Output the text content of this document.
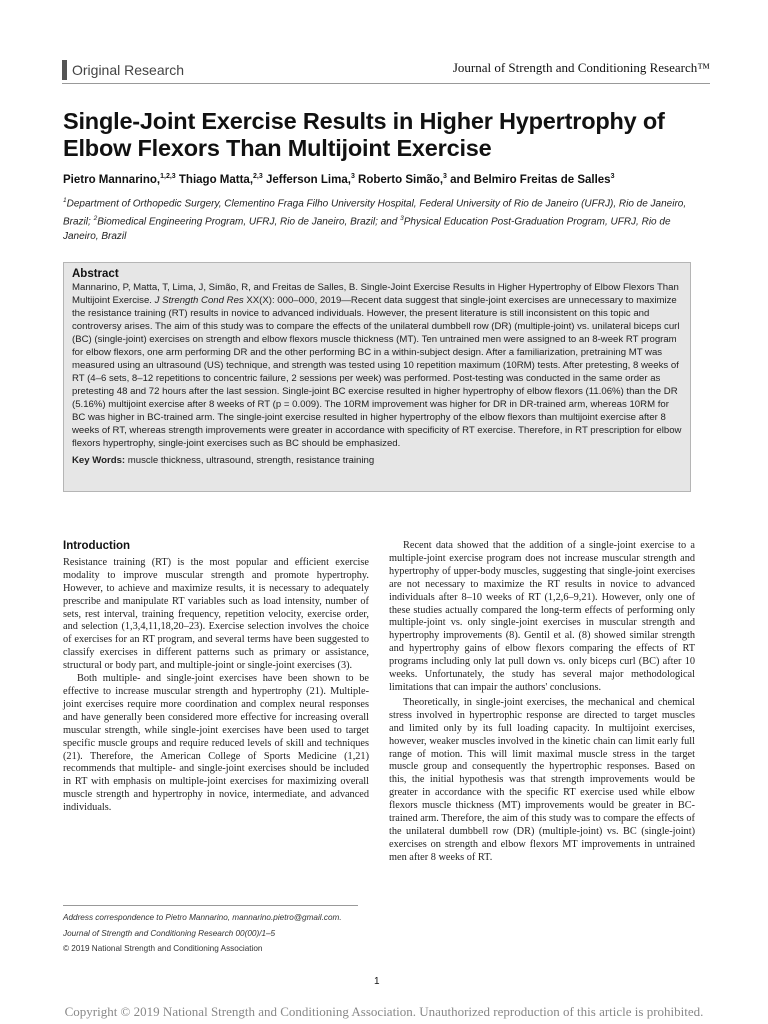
Original Research	Journal of Strength and Conditioning Research™
Single-Joint Exercise Results in Higher Hypertrophy of Elbow Flexors Than Multijoint Exercise
Pietro Mannarino,$^{1,2,3}$ Thiago Matta,$^{2,3}$ Jefferson Lima,$^3$ Roberto Simão,$^3$ and Belmiro Freitas de Salles$^3$
$^1$Department of Orthopedic Surgery, Clementino Fraga Filho University Hospital, Federal University of Rio de Janeiro (UFRJ), Rio de Janeiro, Brazil; $^2$Biomedical Engineering Program, UFRJ, Rio de Janeiro, Brazil; and $^3$Physical Education Post-Graduation Program, UFRJ, Rio de Janeiro, Brazil
Abstract
Mannarino, P, Matta, T, Lima, J, Simão, R, and Freitas de Salles, B. Single-Joint Exercise Results in Higher Hypertrophy of Elbow Flexors Than Multijoint Exercise. J Strength Cond Res XX(X): 000–000, 2019—Recent data suggest that single-joint exercises are unnecessary to maximize the resistance training (RT) results in novice to advanced individuals. However, the present literature is still inconsistent on this topic and controversy arises. The aim of this study was to compare the effects of the unilateral dumbbell row (DR) (multiple-joint) vs. unilateral biceps curl (BC) (single-joint) exercises on strength and elbow flexors muscle thickness (MT). Ten untrained men were assigned to an 8-week RT program for elbow flexors, one arm performing DR and the other performing BC in a within-subject design. After a familiarization, pretraining MT was measured using an ultrasound (US) technique, and strength was tested using 10 repetition maximum (10RM) tests. After pretesting, 8 weeks of RT (4–6 sets, 8–12 repetitions to concentric failure, 2 sessions per week) was performed. Post-testing was conducted in the same order as pretesting 48 and 72 hours after the last session. Single-joint BC exercise resulted in higher hypertrophy of elbow flexors (11.06%) than the DR (5.16%) multijoint exercise after 8 weeks of RT (p = 0.009). The 10RM improvement was higher for DR in DR-trained arm, whereas 10RM for BC was higher in BC-trained arm. The single-joint exercise resulted in higher hypertrophy of the elbow flexors than multijoint exercise after 8 weeks of RT, whereas strength improvements were greater in accordance with specificity of RT exercise. Therefore, in RT prescription for elbow flexors hypertrophy, single-joint exercises such as BC should be emphasized.
Key Words: muscle thickness, ultrasound, strength, resistance training
Introduction

Resistance training (RT) is the most popular and efficient exercise modality to improve muscular strength and promote hypertrophy. However, to achieve and maximize results, it is necessary to adequately prescribe and manipulate RT variables such as load intensity, number of sets, rest interval, training frequency, repetition velocity, exercise order, and selection (1,3,4,11,18,20–23). Exercise selection involves the choice of exercises for an RT program, and several terms have been suggested to classify exercises in different patterns such as primary or assistance, structural or body part, and multiple-joint or single-joint exercises (3).

Both multiple- and single-joint exercises have been shown to be effective to increase muscular strength and hypertrophy (21). Multiple-joint exercises require more coordination and complex neural responses and have generally been considered more effective for increasing overall muscular strength, while single-joint exercises have been used to target specific muscle groups and require reduced levels of skill and techniques (21). Therefore, the American College of Sports Medicine (1,21) recommends that multiple- and single-joint exercises should be included in RT with emphasis on multiple-joint exercises for maximizing overall muscle strength and hypertrophy in novice, intermediate, and advanced individuals.

Recent data showed that the addition of a single-joint exercise to a multiple-joint exercise program does not increase muscular strength and hypertrophy of upper-body muscles, suggesting that single-joint exercises are not necessary to maximize the RT results in novice to advanced individuals after 8–10 weeks of RT (1,2,6–9,21). However, only one of these studies actually compared the long-term effects of performing only multiple-joint vs. only single-joint exercises in muscular strength and hypertrophy improvements (8). Gentil et al. (8) showed similar strength and hypertrophy gains of elbow flexors comparing the effects of RT programs including only lat pull down vs. only biceps curl (BC) after 10 weeks. Unfortunately, the study has several major methodological limitations that can impair the authors' conclusions.

Theoretically, in single-joint exercises, the mechanical and chemical stress involved in hypertrophic response are directed to target muscles and limited only by its full loading capacity. In multijoint exercises, however, weaker muscles involved in the kinetic chain can limit early full range of motion. This will limit maximal muscle stress in the target muscle group and consequently the hypertrophic responses. Based on this, the initial hypothesis was that strength improvements would be greater in accordance with the specific RT exercise used while elbow flexors muscle thickness (MT) improvements would be greater in BC-trained arm. Therefore, the aim of this study was to compare the effects of the unilateral dumbbell row (DR) (multiple-joint) vs. BC (single-joint) exercises on strength and elbow flexors MT improvements in untrained men after 8 weeks of RT.

Address correspondence to Pietro Mannarino, mannarino.pietro@gmail.com.
Journal of Strength and Conditioning Research 00(00)/1–5
© 2019 National Strength and Conditioning Association
1
Copyright © 2019 National Strength and Conditioning Association. Unauthorized reproduction of this article is prohibited.
